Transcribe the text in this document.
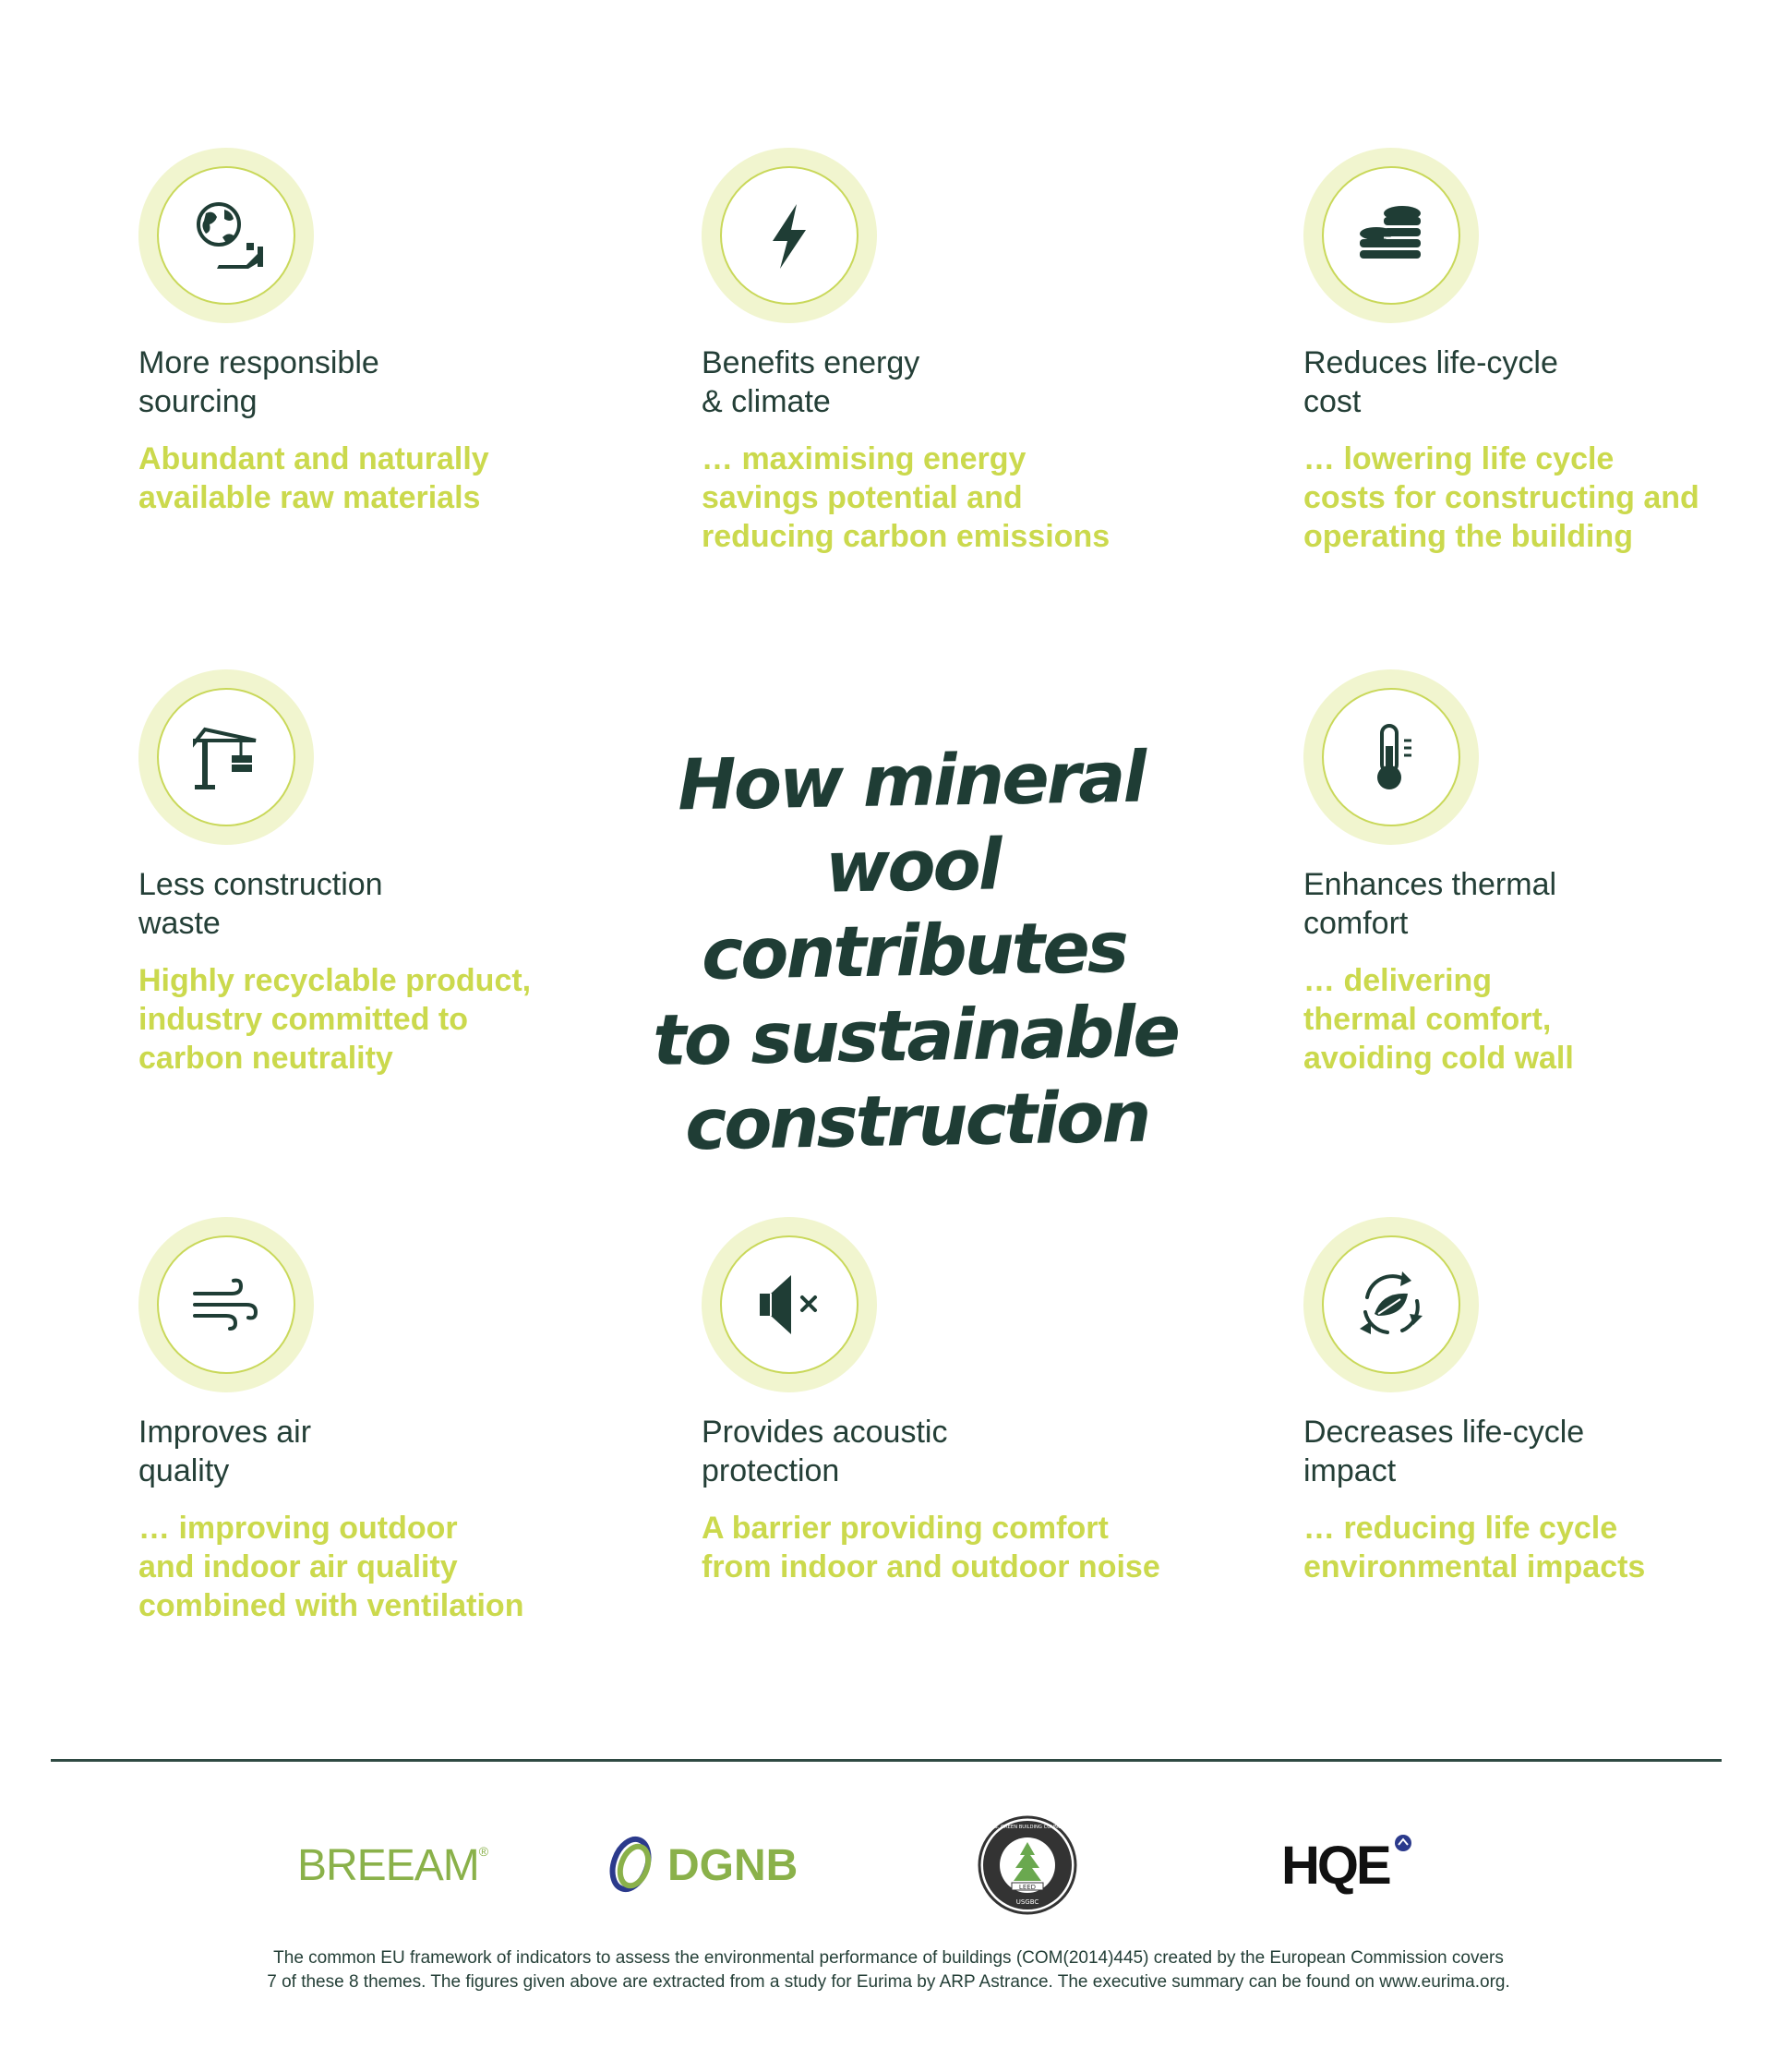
More responsible
sourcing
Abundant and naturally
available raw materials
Benefits energy
& climate
… maximising energy
savings potential and
reducing carbon emissions
Reduces life-cycle
cost
… lowering life cycle
costs for constructing and
operating the building
Less construction
waste
Highly recyclable product,
industry committed to
carbon neutrality
How mineral
wool contributes
to sustainable
construction
Enhances thermal
comfort
… delivering
thermal comfort,
avoiding cold wall
Improves air
quality
… improving outdoor
and indoor air quality
combined with ventilation
Provides acoustic
protection
A barrier providing comfort
from indoor and outdoor noise
Decreases life-cycle
impact
… reducing life cycle
environmental impacts
BREEAM ®	DGNB	LEED
USGBC
U.S. GREEN BUILDING COUNCIL
HQE
The common EU framework of indicators to assess the environmental performance of buildings (COM(2014)445) created by the European Commission covers
7 of these 8 themes. The figures given above are extracted from a study for Eurima by ARP Astrance. The executive summary can be found on www.eurima.org.
